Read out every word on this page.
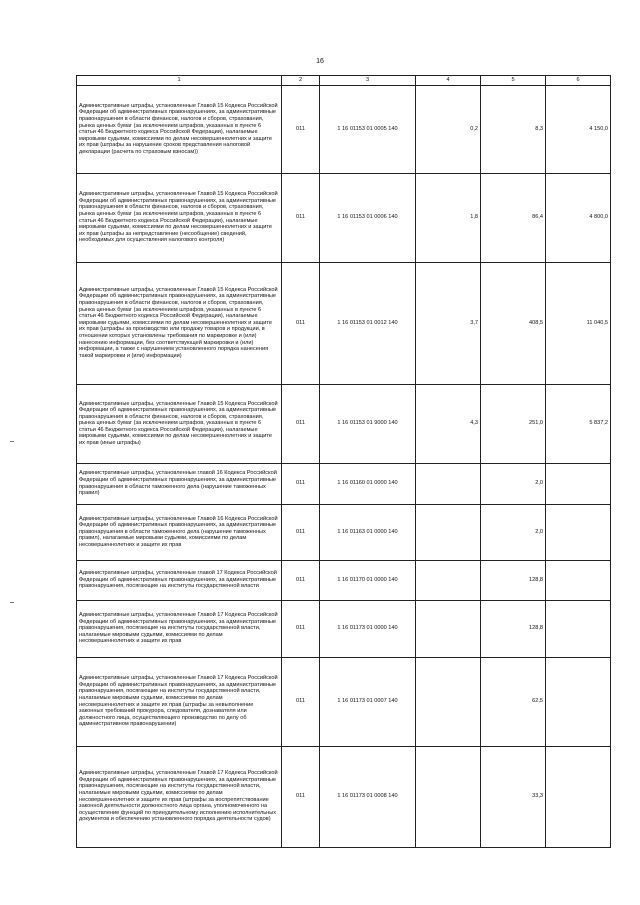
16
1	2	3	4	5	6
Административные штрафы, установленные Главой 15 Кодекса Российской Федерации об административных правонарушениях, за административные правонарушения в области финансов, налогов и сборов, страхования, рынка ценных бумаг (за исключением штрафов, указанных в пункте 6 статьи 46 Бюджетного кодекса Российской Федерации), налагаемые мировыми судьями, комиссиями по делам несовершеннолетних и защите их прав (штрафы за нарушение сроков представления налоговой декларации (расчета по страховым взносам))	011	1 16 01153 01 0005 140	0,2	8,3	4 150,0
Административные штрафы, установленные Главой 15 Кодекса Российской Федерации об административных правонарушениях, за административные правонарушения в области финансов, налогов и сборов, страхования, рынка ценных бумаг (за исключением штрафов, указанных в пункте 6 статьи 46 Бюджетного кодекса Российской Федерации), налагаемые мировыми судьями, комиссиями по делам несовершеннолетних и защите их прав (штрафы за непредставление (несообщение) сведений, необходимых для осуществления налогового контроля)	011	1 16 01153 01 0006 140	1,8	86,4	4 800,0
Административные штрафы, установленные Главой 15 Кодекса Российской Федерации об административных правонарушениях, за административные правонарушения в области финансов, налогов и сборов, страхования, рынка ценных бумаг (за исключением штрафов, указанных в пункте 6 статьи 46 Бюджетного кодекса Российской Федерации), налагаемые мировыми судьями, комиссиями по делам несовершеннолетних и защите их прав (штрафы за производство или продажу товаров и продукции, в отношении которых установлены требования по маркировке и (или) нанесению информации, без соответствующей маркировки и (или) информации, а также с нарушением установленного порядка нанесения такой маркировки и (или) информации)	011	1 16 01153 01 0012 140	3,7	408,5	11 040,5
Административные штрафы, установленные Главой 15 Кодекса Российской Федерации об административных правонарушениях, за административные правонарушения в области финансов, налогов и сборов, страхования, рынка ценных бумаг (за исключением штрафов, указанных в пункте 6 статьи 46 Бюджетного кодекса Российской Федерации), налагаемые мировыми судьями, комиссиями по делам несовершеннолетних и защите их прав (иные штрафы)	011	1 16 01153 01 9000 140	4,3	251,0	5 837,2
Административные штрафы, установленные главой 16 Кодекса Российской Федерации об административных правонарушениях, за административные правонарушения в области таможенного дела (нарушение таможенных правил)	011	1 16 01160 01 0000 140		2,0	
Административные штрафы, установленные Главой 16 Кодекса Российской Федерации об административных правонарушениях, за административные правонарушения в области таможенного дела (нарушение таможенных правил), налагаемые мировыми судьями, комиссиями по делам несовершеннолетних и защите их прав	011	1 16 01163 01 0000 140		2,0	
Административные штрафы, установленные главой 17 Кодекса Российской Федерации об административных правонарушениях, за административные правонарушения, посягающие на институты государственной власти	011	1 16 01170 01 0000 140		128,8	
Административные штрафы, установленные Главой 17 Кодекса Российской Федерации об административных правонарушениях, за административные правонарушения, посягающие на институты государственной власти, налагаемые мировыми судьями, комиссиями по делам несовершеннолетних и защите их прав	011	1 16 01173 01 0000 140		128,8	
Административные штрафы, установленные Главой 17 Кодекса Российской Федерации об административных правонарушениях, за административные правонарушения, посягающие на институты государственной власти, налагаемые мировыми судьями, комиссиями по делам несовершеннолетних и защите их прав (штрафы за невыполнение законных требований прокурора, следователя, дознавателя или должностного лица, осуществляющего производство по делу об административном правонарушении)	011	1 16 01173 01 0007 140		62,5	
Административные штрафы, установленные Главой 17 Кодекса Российской Федерации об административных правонарушениях, за административные правонарушения, посягающие на институты государственной власти, налагаемые мировыми судьями, комиссиями по делам несовершеннолетних и защите их прав (штрафы за воспрепятствование законной деятельности должностного лица органа, уполномоченного на осуществление функций по принудительному исполнению исполнительных документов и обеспечению установленного порядка деятельности судов)	011	1 16 01173 01 0008 140		33,3	
